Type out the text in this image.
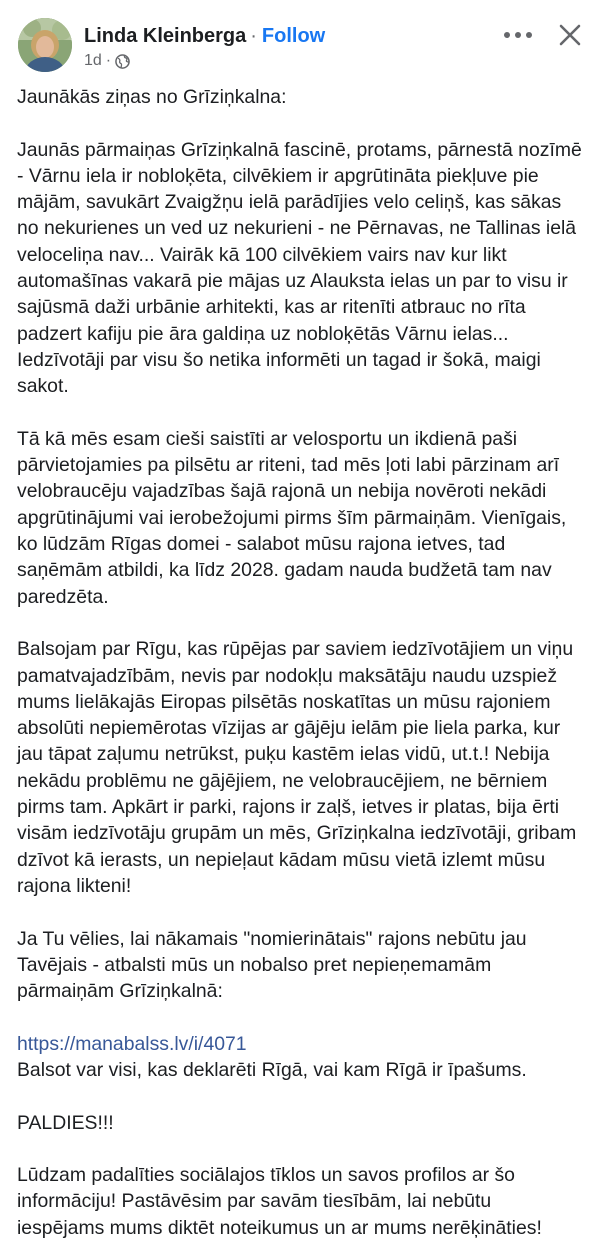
Linda Kleinberga · Follow
1d ·

Jaunākās ziņas no Grīziņkalna:

Jaunās pārmaiņas Grīziņkalnā fascinē, protams, pārnestā nozīmē - Vārnu iela ir nobloķēta, cilvēkiem ir apgrūtināta piekļuve pie mājām, savukārt Zvaigžņu ielā parādījies velo celiņš, kas sākas no nekurienes un ved uz nekurieni - ne Pērnavas, ne Tallinas ielā veloceliņa nav... Vairāk kā 100 cilvēkiem vairs nav kur likt automašīnas vakarā pie mājas uz Alauksta ielas un par to visu ir sajūsmā daži urbānie arhitekti, kas ar ritenīti atbrauc no rīta padzert kafiju pie āra galdiņa uz nobloķētās Vārnu ielas... Iedzīvotāji par visu šo netika informēti un tagad ir šokā, maigi sakot.

Tā kā mēs esam cieši saistīti ar velosportu un ikdienā paši pārvietojamies pa pilsētu ar riteni, tad mēs ļoti labi pārzinam arī velobraucēju vajadzības šajā rajonā un nebija novēroti nekādi apgrūtinājumi vai ierobežojumi pirms šīm pārmaiņām. Vienīgais, ko lūdzām Rīgas domei - salabot mūsu rajona ietves, tad saņēmām atbildi, ka līdz 2028. gadam nauda budžetā tam nav paredzēta.

Balsojam par Rīgu, kas rūpējas par saviem iedzīvotājiem un viņu pamatvajadzībām, nevis par nodokļu maksātāju naudu uzspiež mums lielākajās Eiropas pilsētās noskatītas un mūsu rajoniem absolūti nepiemērotas vīzijas ar gājēju ielām pie liela parka, kur jau tāpat zaļumu netrūkst, puķu kastēm ielas vidū, ut.t.! Nebija nekādu problēmu ne gājējiem, ne velobraucējiem, ne bērniem pirms tam. Apkārt ir parki, rajons ir zaļš, ietves ir platas, bija ērti visām iedzīvotāju grupām un mēs, Grīziņkalna iedzīvotāji, gribam dzīvot kā ierasts, un nepieļaut kādam mūsu vietā izlemt mūsu rajona likteni!

Ja Tu vēlies, lai nākamais "nomierinātais" rajons nebūtu jau Tavējais - atbalsti mūs un nobalso pret nepieņemamām pārmaiņām Grīziņkalnā:

https://manabalss.lv/i/4071

Balsot var visi, kas deklarēti Rīgā, vai kam Rīgā ir īpašums.

PALDIES!!!

Lūdzam padalīties sociālajos tīklos un savos profilos ar šo informāciju! Pastāvēsim par savām tiesībām, lai nebūtu iespējams mums diktēt noteikumus un ar mums nerēķināties!
